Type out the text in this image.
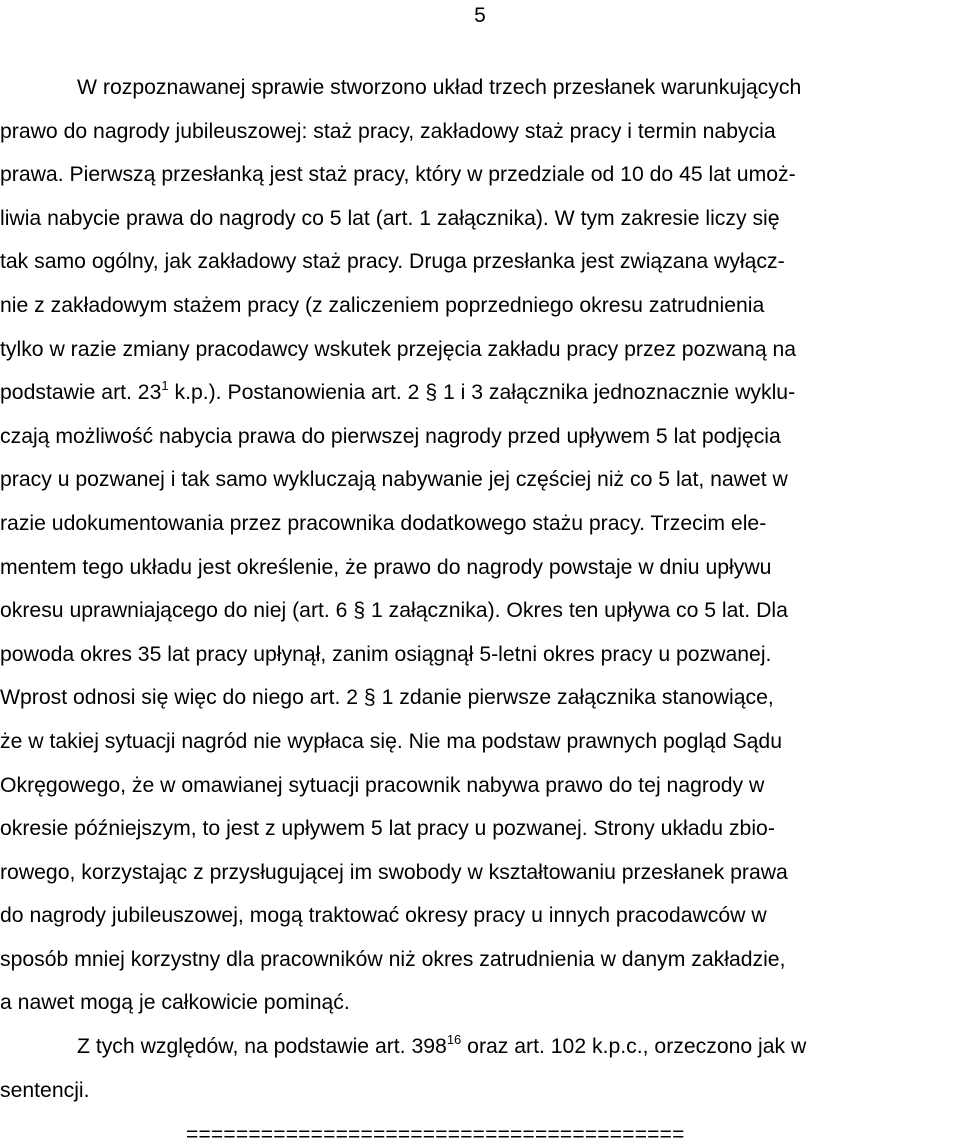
5
W rozpoznawanej sprawie stworzono układ trzech przesłanek warunkujących
prawo do nagrody jubileuszowej: staż pracy, zakładowy staż pracy i termin nabycia
prawa. Pierwszą przesłanką jest staż pracy, który w przedziale od 10 do 45 lat umoż-
liwia nabycie prawa do nagrody co 5 lat (art. 1 załącznika). W tym zakresie liczy się
tak samo ogólny, jak zakładowy staż pracy. Druga przesłanka jest związana wyłącz-
nie z zakładowym stażem pracy (z zaliczeniem poprzedniego okresu zatrudnienia
tylko w razie zmiany pracodawcy wskutek przejęcia zakładu pracy przez pozwaną na
podstawie art. $23^1$ k.p.). Postanowienia art. 2 § 1 i 3 załącznika jednoznacznie wyklu-
czają możliwość nabycia prawa do pierwszej nagrody przed upływem 5 lat podjęcia
pracy u pozwanej i tak samo wykluczają nabywanie jej częściej niż co 5 lat, nawet w
razie udokumentowania przez pracownika dodatkowego stażu pracy. Trzecim ele-
mentem tego układu jest określenie, że prawo do nagrody powstaje w dniu upływu
okresu uprawniającego do niej (art. 6 § 1 załącznika). Okres ten upływa co 5 lat. Dla
powoda okres 35 lat pracy upłynął, zanim osiągnął 5-letni okres pracy u pozwanej.
Wprost odnosi się więc do niego art. 2 § 1 zdanie pierwsze załącznika stanowiące,
że w takiej sytuacji nagród nie wypłaca się. Nie ma podstaw prawnych pogląd Sądu
Okręgowego, że w omawianej sytuacji pracownik nabywa prawo do tej nagrody w
okresie późniejszym, to jest z upływem 5 lat pracy u pozwanej. Strony układu zbio-
rowego, korzystając z przysługującej im swobody w kształtowaniu przesłanek prawa
do nagrody jubileuszowej, mogą traktować okresy pracy u innych pracodawców w
sposób mniej korzystny dla pracowników niż okres zatrudnienia w danym zakładzie,
a nawet mogą je całkowicie pominąć.
Z tych względów, na podstawie art. $398^{16}$ oraz art. 102 k.p.c., orzeczono jak w
sentencji.
========================================
